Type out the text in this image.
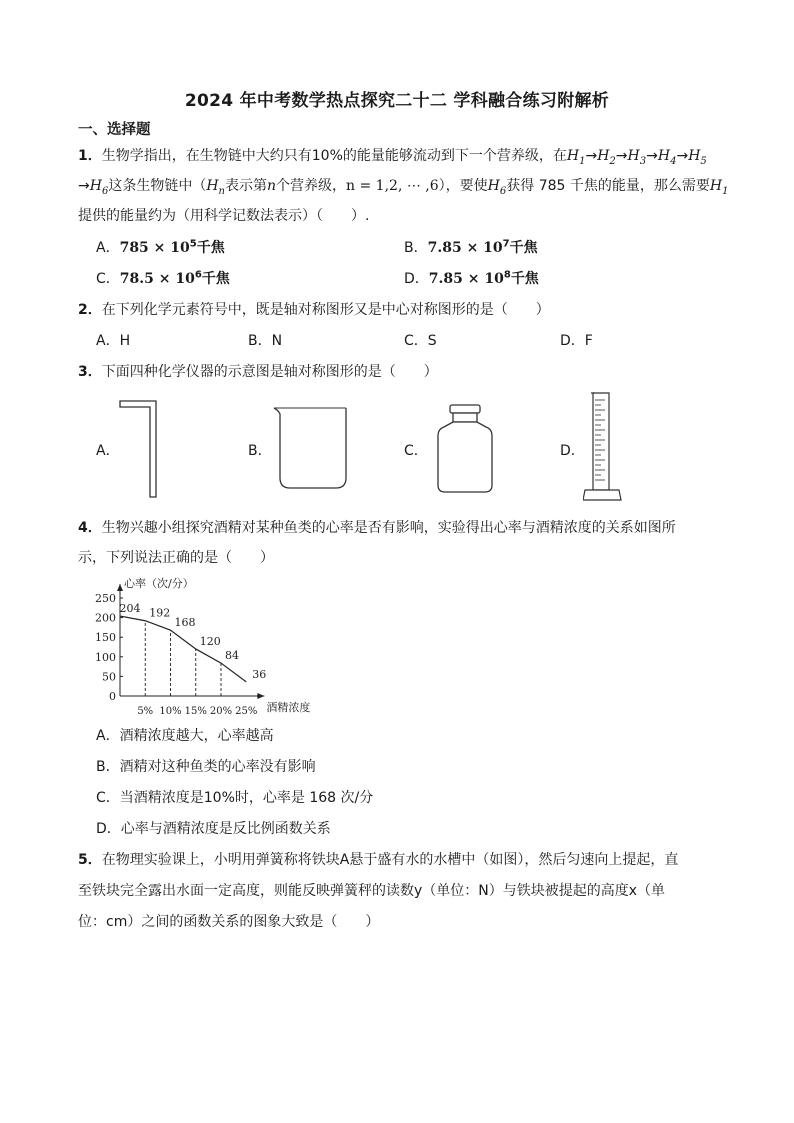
2024 年中考数学热点探究二十二 学科融合练习附解析
一、选择题
1．生物学指出，在生物链中大约只有10%的能量能够流动到下一个营养级，在$H_1\to H_2\to H_3\to H_4\to H_5$
$\to H_6$这条生物链中（$H_n$表示第n个营养级，n = 1,2, ⋯ ,6），要使$H_6$获得 785 千焦的能量，那么需要$H_1$
提供的能量约为（用科学记数法表示）（　　）.
A．$785 \times 10^5$千焦	B．$7.85 \times 10^7$千焦
C．$78.5 \times 10^6$千焦	D．$7.85 \times 10^8$千焦
2．在下列化学元素符号中，既是轴对称图形又是中心对称图形的是（　　）
A．H	B．N	C．S	D．F
3．下面四种化学仪器的示意图是轴对称图形的是（　　）
A．	B．	C．	D．
4．生物兴趣小组探究酒精对某种鱼类的心率是否有影响，实验得出心率与酒精浓度的关系如图所
示，下列说法正确的是（　　）
心率（次/分）
酒精浓度
0
50
100
150
200
250
5% 10% 15% 20% 25%
204 192
168
120
84
36
A．酒精浓度越大，心率越高
B．酒精对这种鱼类的心率没有影响
C．当酒精浓度是10%时，心率是 168 次/分
D．心率与酒精浓度是反比例函数关系
5．在物理实验课上，小明用弹簧称将铁块A悬于盛有水的水槽中（如图），然后匀速向上提起，直
至铁块完全露出水面一定高度，则能反映弹簧秤的读数y（单位：N）与铁块被提起的高度x（单
位：cm）之间的函数关系的图象大致是（　　）
